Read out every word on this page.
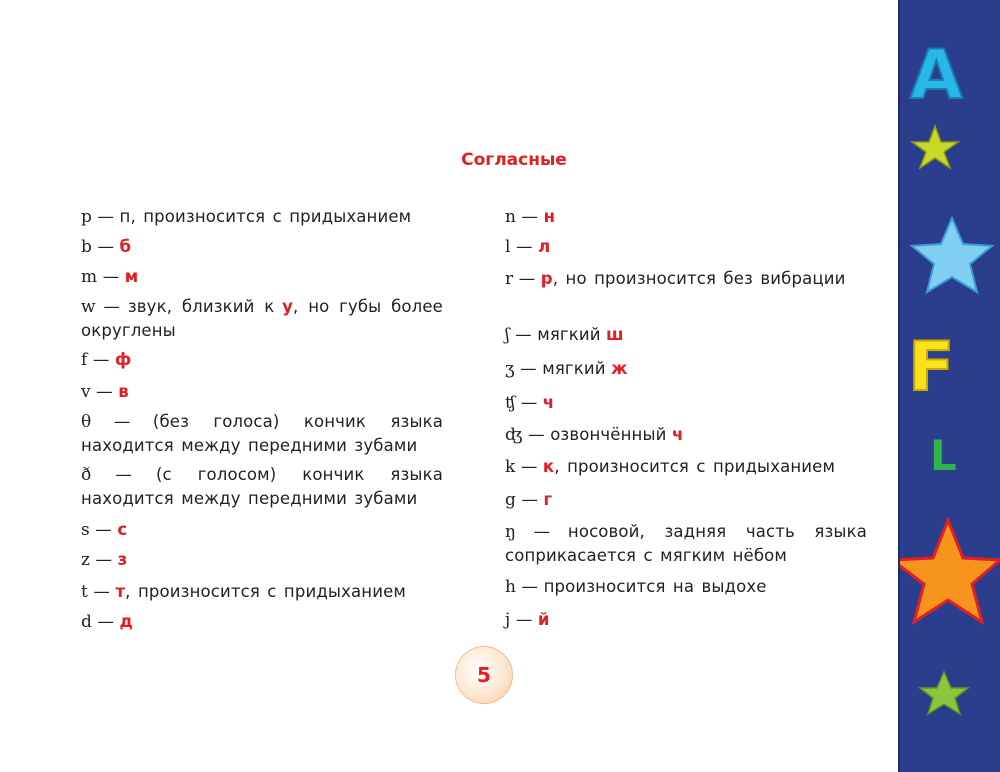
Согласные
p — п, произносится с придыханием
b — б
m — м
w — звук, близкий к у, но губы более округлены
f — ф
v — в
θ — (без голоса) кончик языка находится между передними зубами
ð — (с голосом) кончик языка находится между передними зубами
s — с
z — з
t — т, произносится с придыханием
d — д
n — н
l — л
r — р, но произносится без вибрации
ʃ — мягкий ш
ʒ — мягкий ж
ʧ — ч
ʤ — озвончённый ч
k — к, произносится с придыханием
g — г
ŋ — носовой, задняя часть языка соприкасается с мягким нёбом
h — произносится на выдохе
j — й
5
A
F
L
